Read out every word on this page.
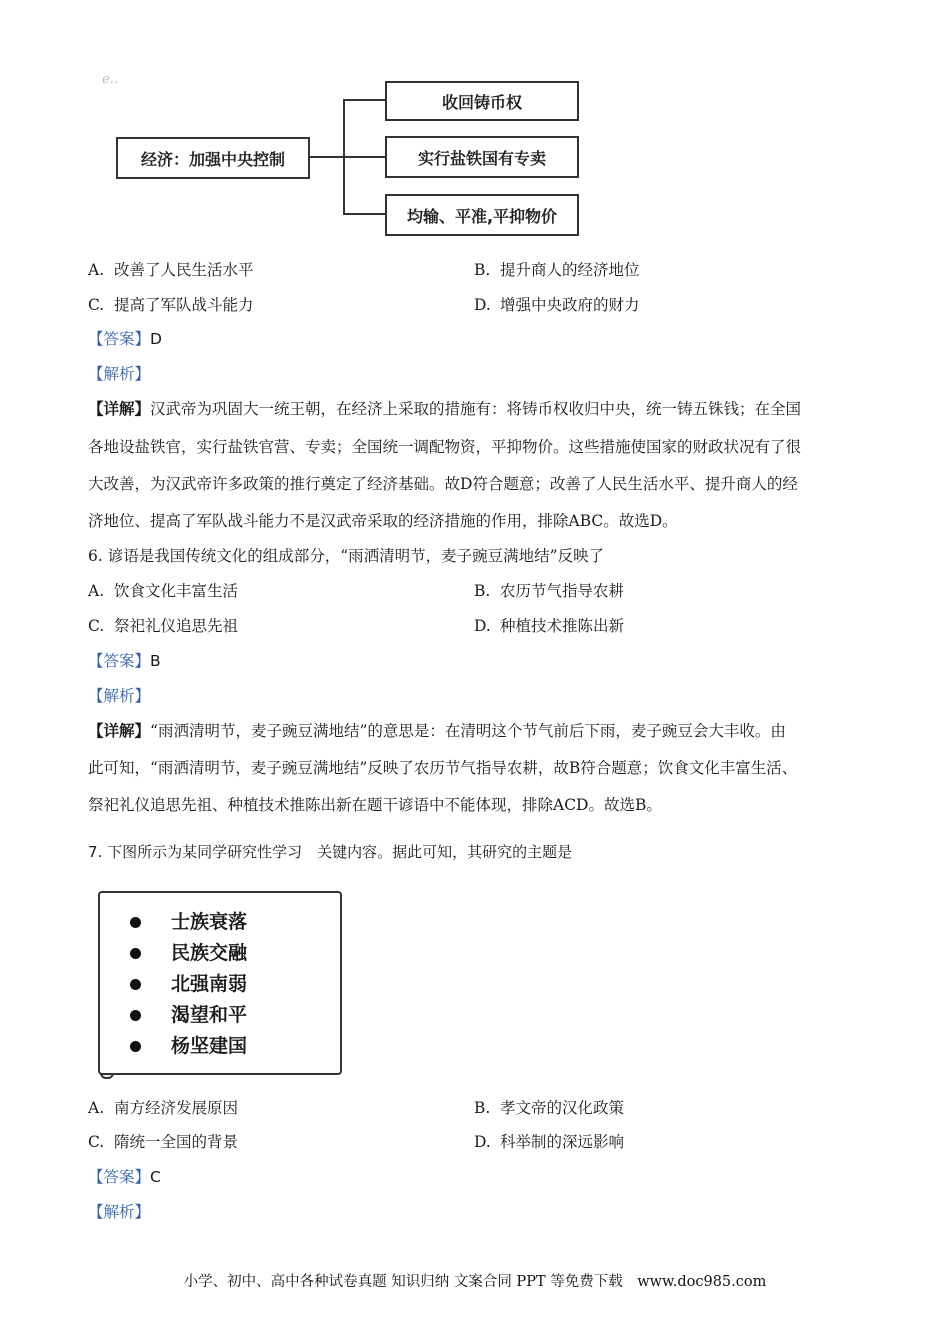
ℯ‥
经济：加强中央控制
收回铸币权
实行盐铁国有专卖
均输、平准,平抑物价
A. 改善了人民生活水平	B. 提升商人的经济地位
C. 提高了军队战斗能力	D. 增强中央政府的财力
【答案】D
【解析】
【详解】汉武帝为巩固大一统王朝，在经济上采取的措施有：将铸币权收归中央，统一铸五铢钱；在全国
各地设盐铁官，实行盐铁官营、专卖；全国统一调配物资，平抑物价。这些措施使国家的财政状况有了很
大改善，为汉武帝许多政策的推行奠定了经济基础。故D符合题意；改善了人民生活水平、提升商人的经
济地位、提高了军队战斗能力不是汉武帝采取的经济措施的作用，排除ABC。故选D。
6. 谚语是我国传统文化的组成部分，“雨洒清明节，麦子豌豆满地结”反映了
A. 饮食文化丰富生活	B. 农历节气指导农耕
C. 祭祀礼仪追思先祖	D. 种植技术推陈出新
【答案】B
【解析】
【详解】“雨洒清明节，麦子豌豆满地结”的意思是：在清明这个节气前后下雨，麦子豌豆会大丰收。由
此可知，“雨洒清明节，麦子豌豆满地结”反映了农历节气指导农耕，故B符合题意；饮食文化丰富生活、
祭祀礼仪追思先祖、种植技术推陈出新在题干谚语中不能体现，排除ACD。故选B。
7. 下图所示为某同学研究性学习　关键内容。据此可知，其研究的主题是
士族衰落
民族交融
北强南弱
渴望和平
杨坚建国
A. 南方经济发展原因	B. 孝文帝的汉化政策
C. 隋统一全国的背景	D. 科举制的深远影响
【答案】C
【解析】
小学、初中、高中各种试卷真题 知识归纳 文案合同 PPT 等免费下载　www.doc985.com
